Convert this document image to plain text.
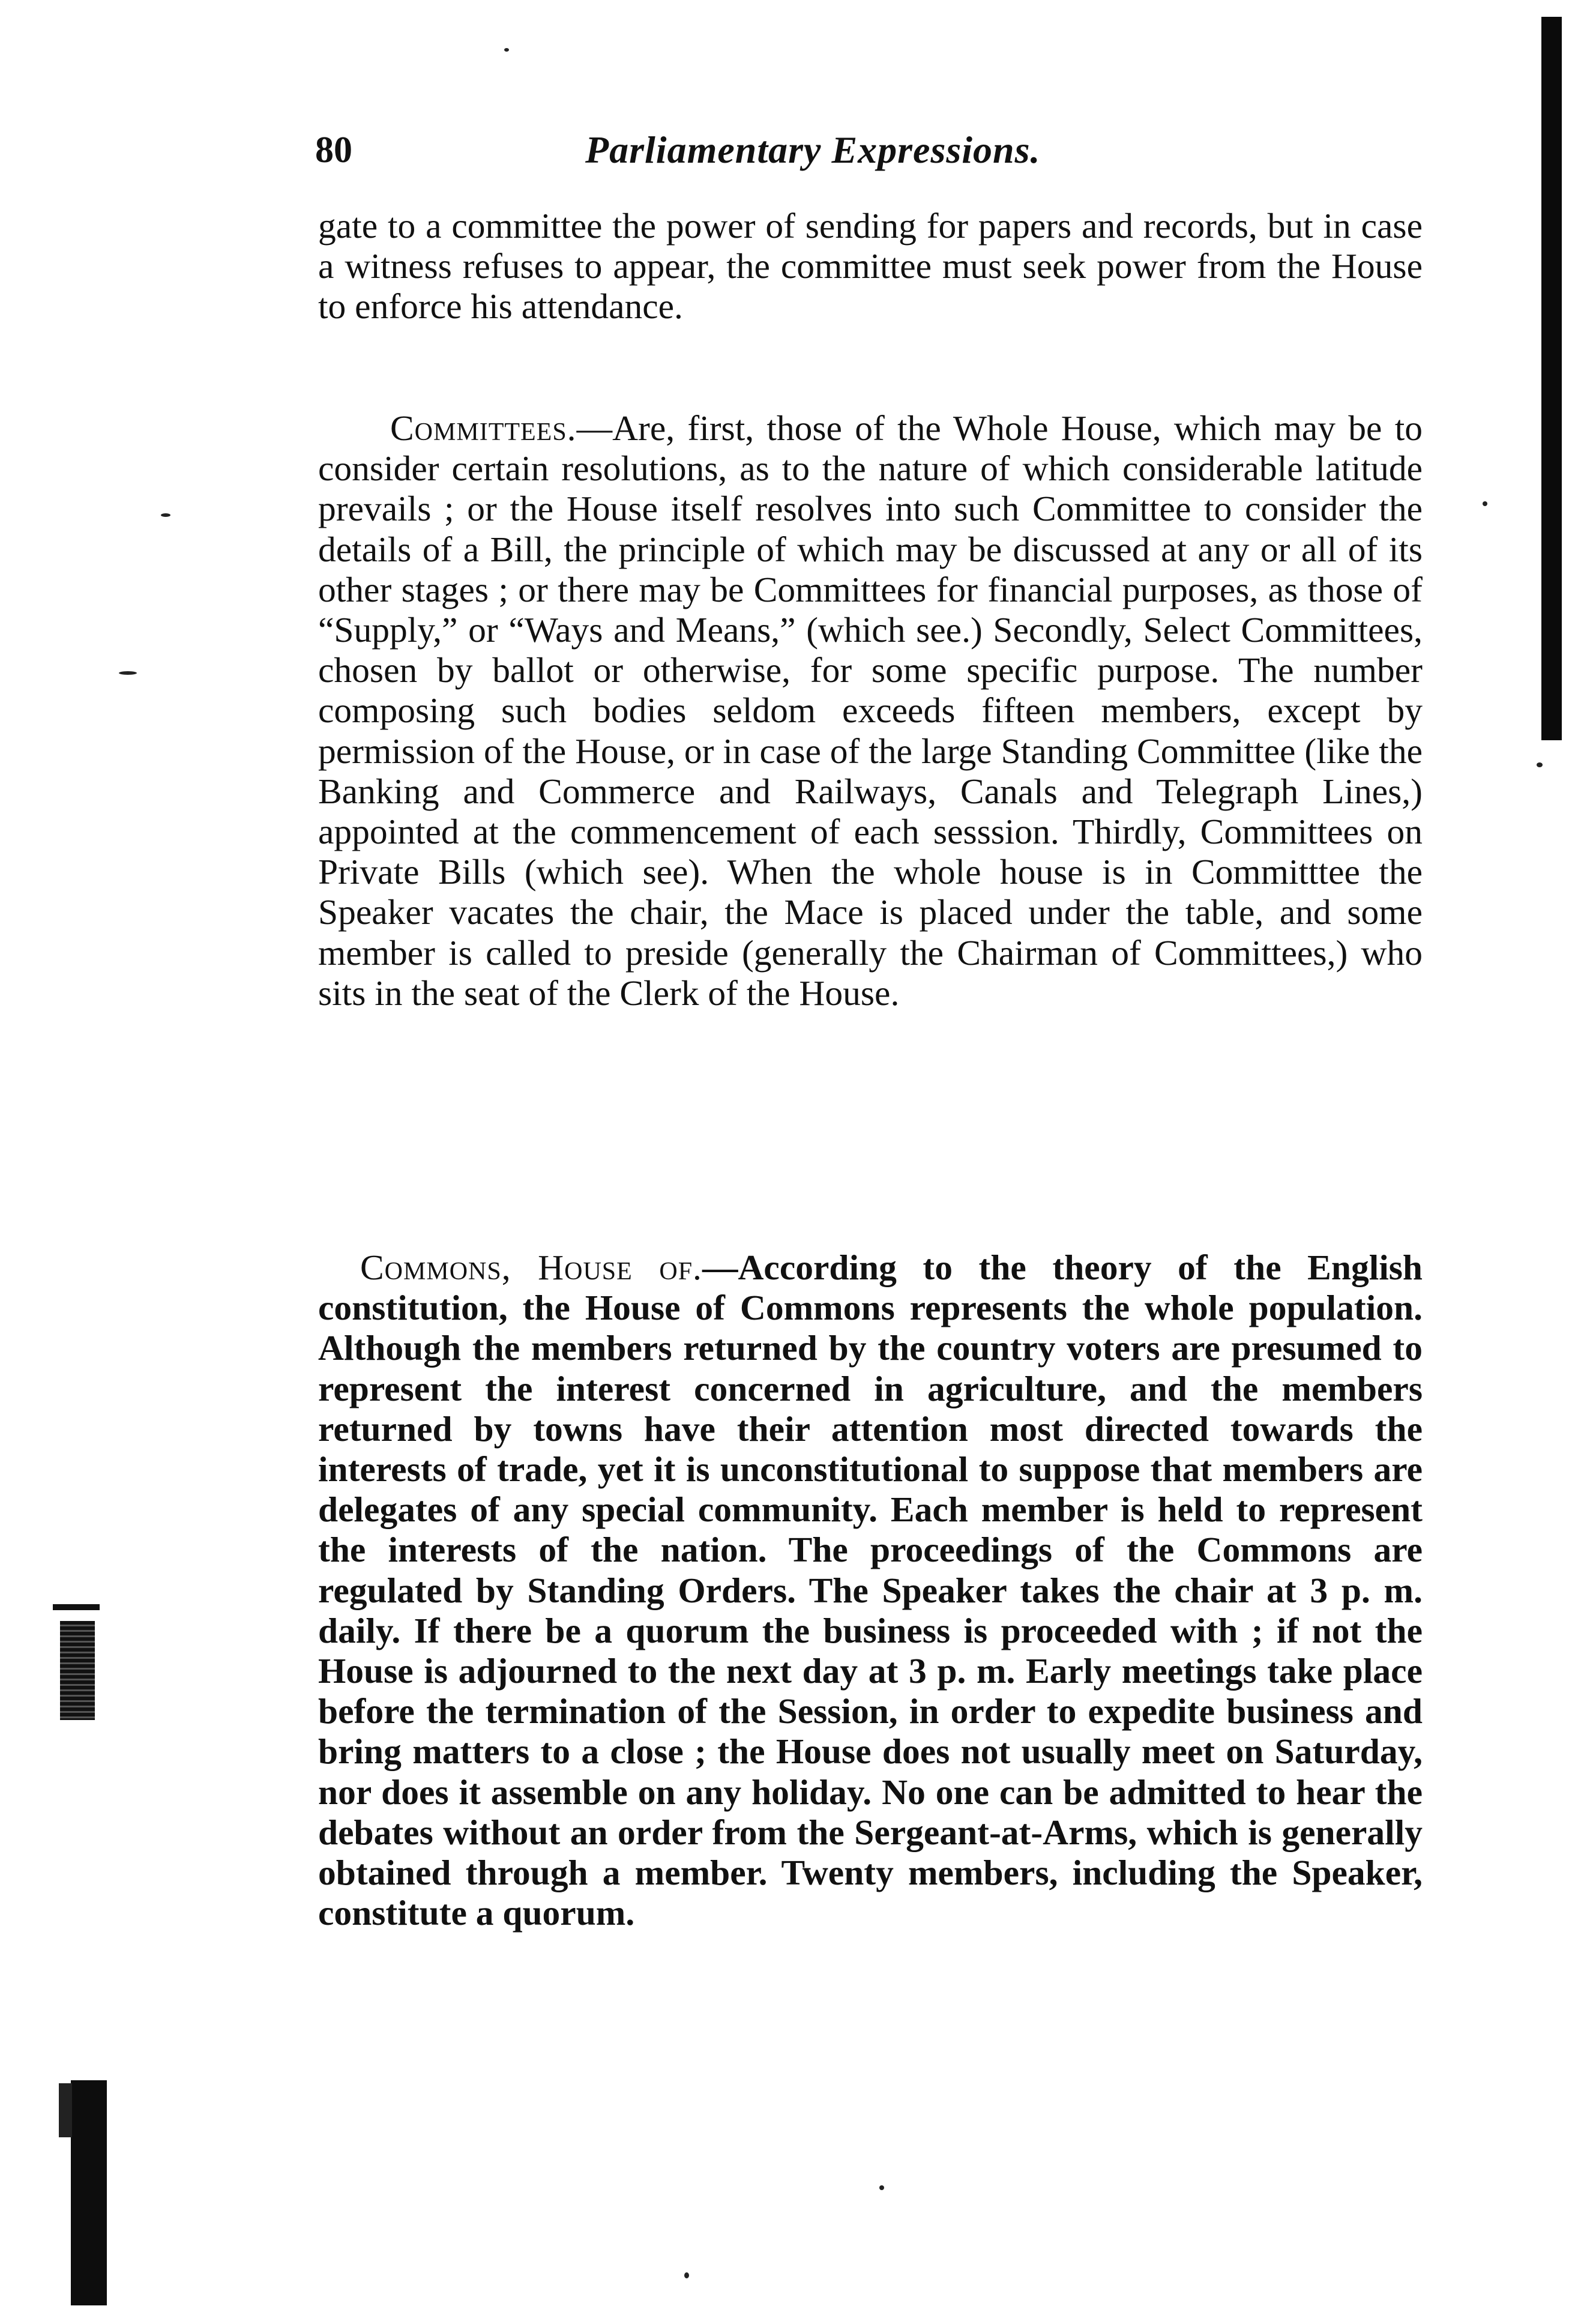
80	Parliamentary Expressions.

gate to a committee the power of sending for papers and records, but in case a witness refuses to appear, the committee must seek power from the House to enforce his attendance.

Committees.—Are, first, those of the Whole House, which may be to consider certain resolutions, as to the nature of which considerable latitude prevails ; or the House itself resolves into such Committee to consider the details of a Bill, the principle of which may be discussed at any or all of its other stages ; or there may be Committees for financial purposes, as those of “Supply,” or “Ways and Means,” (which see.) Secondly, Select Committees, chosen by ballot or otherwise, for some specific purpose. The number composing such bodies seldom exceeds fifteen members, except by permission of the House, or in case of the large Standing Committee (like the Banking and Commerce and Railways, Canals and Telegraph Lines,) appointed at the commencement of each sesssion. Thirdly, Committees on Private Bills (which see). When the whole house is in Committtee the Speaker vacates the chair, the Mace is placed under the table, and some member is called to preside (generally the Chairman of Committees,) who sits in the seat of the Clerk of the House.

Commons, House of.—According to the theory of the English constitution, the House of Commons represents the whole population. Although the members returned by the country voters are presumed to represent the interest concerned in agriculture, and the members returned by towns have their attention most directed towards the interests of trade, yet it is unconstitutional to suppose that members are delegates of any special community. Each member is held to represent the interests of the nation. The proceedings of the Commons are regulated by Standing Orders. The Speaker takes the chair at 3 p. m. daily. If there be a quorum the business is proceeded with ; if not the House is adjourned to the next day at 3 p. m. Early meetings take place before the termination of the Session, in order to expedite business and bring matters to a close ; the House does not usually meet on Saturday, nor does it assemble on any holiday. No one can be admitted to hear the debates without an order from the Sergeant-at-Arms, which is generally obtained through a member. Twenty members, including the Speaker, constitute a quorum.
